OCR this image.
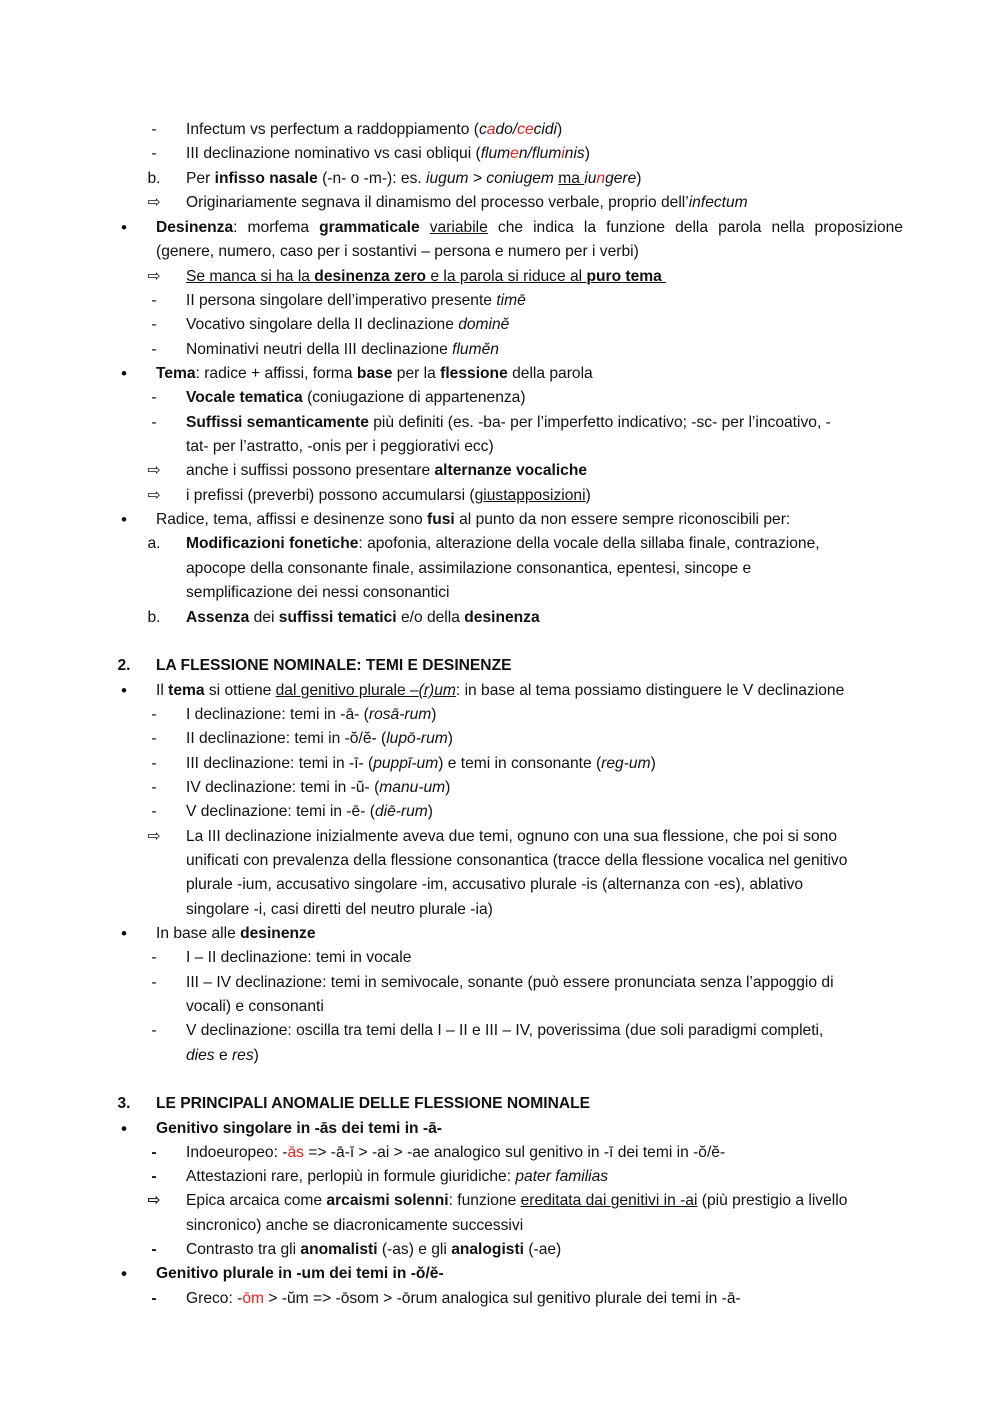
-	Infectum vs perfectum a raddoppiamento (cado/cecidi)
-	III declinazione nominativo vs casi obliqui (flumen/fluminis)
b. Per infisso nasale (-n- o -m-): es. iugum > coniugem ma iungere)
⇨ Originariamente segnava il dinamismo del processo verbale, proprio dell’infectum
•	Desinenza: morfema grammaticale variabile che indica la funzione della parola nella proposizione
(genere, numero, caso per i sostantivi – persona e numero per i verbi)
⇨ Se manca si ha la desinenza zero e la parola si riduce al puro tema
-	II persona singolare dell’imperativo presente timē
-	Vocativo singolare della II declinazione dominĕ
-	Nominativi neutri della III declinazione flumĕn
•	Tema: radice + affissi, forma base per la flessione della parola
-	Vocale tematica (coniugazione di appartenenza)
-	Suffissi semanticamente più definiti (es. -ba- per l’imperfetto indicativo; -sc- per l’incoativo, -
tat- per l’astratto, -onis per i peggiorativi ecc)
⇨ anche i suffissi possono presentare alternanze vocaliche
⇨ i prefissi (preverbi) possono accumularsi (giustapposizioni)
•	Radice, tema, affissi e desinenze sono fusi al punto da non essere sempre riconoscibili per:
a. Modificazioni fonetiche: apofonia, alterazione della vocale della sillaba finale, contrazione,
apocope della consonante finale, assimilazione consonantica, epentesi, sincope e
semplificazione dei nessi consonantici
b. Assenza dei suffissi tematici e/o della desinenza
2. LA FLESSIONE NOMINALE: TEMI E DESINENZE
•	Il tema si ottiene dal genitivo plurale –(r)um: in base al tema possiamo distinguere le V declinazione
-	I declinazione: temi in -ā- (rosā-rum)
-	II declinazione: temi in -ŏ/ĕ- (lupō-rum)
-	III declinazione: temi in -ī- (puppī-um) e temi in consonante (reg-um)
-	IV declinazione: temi in -ŭ- (manu-um)
-	V declinazione: temi in -ē- (diē-rum)
⇨ La III declinazione inizialmente aveva due temi, ognuno con una sua flessione, che poi si sono
unificati con prevalenza della flessione consonantica (tracce della flessione vocalica nel genitivo
plurale -ium, accusativo singolare -im, accusativo plurale -is (alternanza con -es), ablativo
singolare -i, casi diretti del neutro plurale -ia)
•	In base alle desinenze
-	I – II declinazione: temi in vocale
-	III – IV declinazione: temi in semivocale, sonante (può essere pronunciata senza l’appoggio di
vocali) e consonanti
-	V declinazione: oscilla tra temi della I – II e III – IV, poverissima (due soli paradigmi completi,
dies e res)
3. LE PRINCIPALI ANOMALIE DELLE FLESSIONE NOMINALE
•	Genitivo singolare in -ās dei temi in -ā-
-	Indoeuropeo: -ās => -ā-ī > -ai > -ae analogico sul genitivo in -ī dei temi in -ŏ/ĕ-
-	Attestazioni rare, perlopiù in formule giuridiche: pater familias
⇨ Epica arcaica come arcaismi solenni: funzione ereditata dai genitivi in -ai (più prestigio a livello
sincronico) anche se diacronicamente successivi
-	Contrasto tra gli anomalisti (-as) e gli analogisti (-ae)
•	Genitivo plurale in -um dei temi in -ŏ/ĕ-
-	Greco: -ōm > -ŭm => -ōsom > -ōrum analogica sul genitivo plurale dei temi in -ā-
